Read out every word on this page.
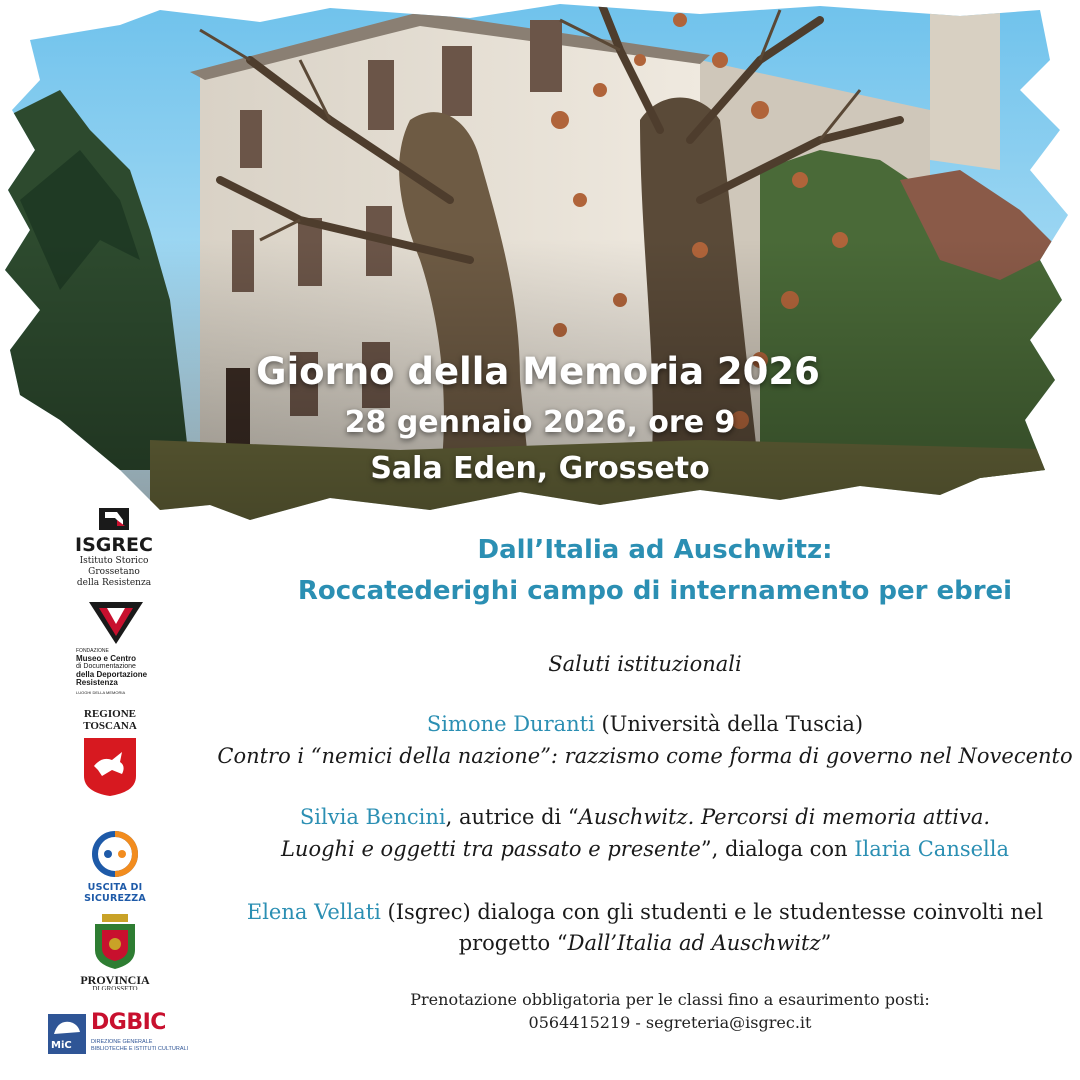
Giorno della Memoria 2026
28 gennaio 2026, ore 9
Sala Eden, Grosseto
Dall’Italia ad Auschwitz:
Roccatederighi campo di internamento per ebrei
Saluti istituzionali
Simone Duranti (Università della Tuscia)
Contro i “nemici della nazione”: razzismo come forma di governo nel Novecento
Silvia Bencini, autrice di “Auschwitz. Percorsi di memoria attiva.
Luoghi e oggetti tra passato e presente”, dialoga con Ilaria Cansella
Elena Vellati (Isgrec) dialoga con gli studenti e le studentesse coinvolti nel
progetto “Dall’Italia ad Auschwitz”
Prenotazione obbligatoria per le classi fino a esaurimento posti:
0564415219 - segreteria@isgrec.it
ISGREC
Istituto Storico Grossetano
della Resistenza
FONDAZIONE
Museo e Centro
di Documentazione
della Deportazione
Resistenza
LUOGHI DELLA MEMORIA
REGIONE
TOSCANA
USCITA DI SICUREZZA
PROVINCIA
DI GROSSETO
MiC
DGBIC
DIREZIONE GENERALE
BIBLIOTECHE E ISTITUTI CULTURALI
